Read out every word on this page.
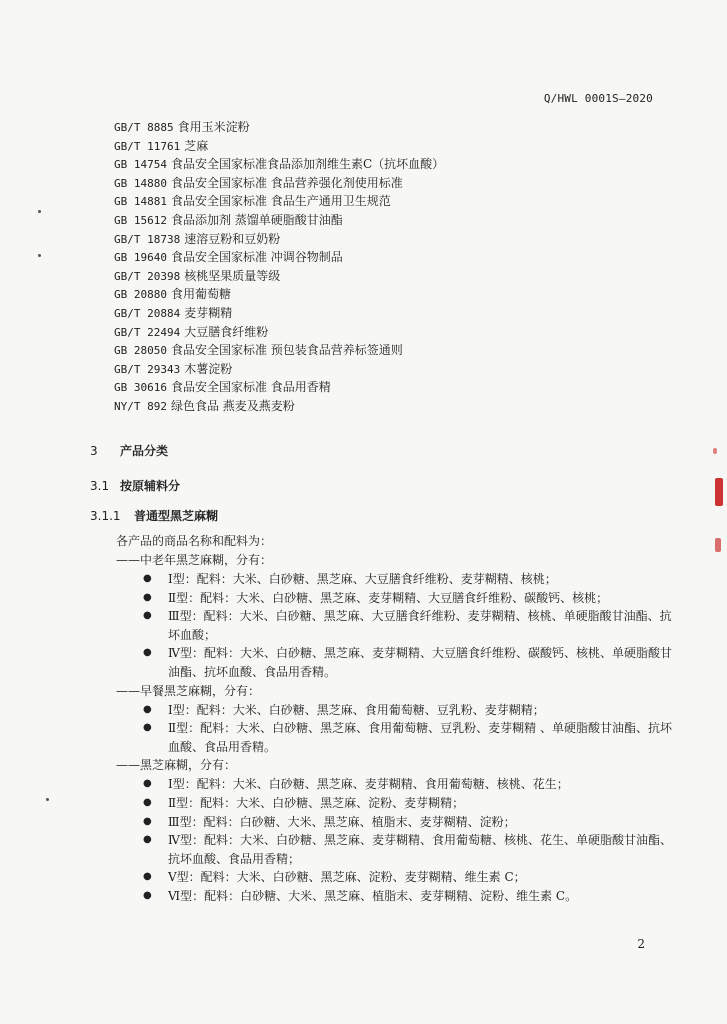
Q/HWL 0001S—2020
GB/T 8885 食用玉米淀粉
GB/T 11761 芝麻
GB 14754 食品安全国家标准食品添加剂维生素C（抗坏血酸）
GB 14880 食品安全国家标准 食品营养强化剂使用标准
GB 14881 食品安全国家标准 食品生产通用卫生规范
GB 15612 食品添加剂 蒸馏单硬脂酸甘油酯
GB/T 18738 速溶豆粉和豆奶粉
GB 19640 食品安全国家标准 冲调谷物制品
GB/T 20398 核桃坚果质量等级
GB 20880 食用葡萄糖
GB/T 20884 麦芽糊精
GB/T 22494 大豆膳食纤维粉
GB 28050 食品安全国家标准 预包装食品营养标签通则
GB/T 29343 木薯淀粉
GB 30616 食品安全国家标准 食品用香精
NY/T 892 绿色食品 燕麦及燕麦粉
3 产品分类
3.1 按原辅料分
3.1.1 普通型黑芝麻糊
各产品的商品名称和配料为：
——中老年黑芝麻糊，分有：
● Ⅰ型：配料：大米、白砂糖、黑芝麻、大豆膳食纤维粉、麦芽糊精、核桃；
● Ⅱ型：配料：大米、白砂糖、黑芝麻、麦芽糊精、大豆膳食纤维粉、碳酸钙、核桃；
● Ⅲ型：配料：大米、白砂糖、黑芝麻、大豆膳食纤维粉、麦芽糊精、核桃、单硬脂酸甘油酯、抗坏血酸；
● Ⅳ型：配料：大米、白砂糖、黑芝麻、麦芽糊精、大豆膳食纤维粉、碳酸钙、核桃、单硬脂酸甘油酯、抗坏血酸、食品用香精。
——早餐黑芝麻糊，分有：
● Ⅰ型：配料：大米、白砂糖、黑芝麻、食用葡萄糖、豆乳粉、麦芽糊精；
● Ⅱ型：配料：大米、白砂糖、黑芝麻、食用葡萄糖、豆乳粉、麦芽糊精 、单硬脂酸甘油酯、抗坏血酸、食品用香精。
——黑芝麻糊，分有：
● Ⅰ型：配料：大米、白砂糖、黑芝麻、麦芽糊精、食用葡萄糖、核桃、花生；
● Ⅱ型：配料：大米、白砂糖、黑芝麻、淀粉、麦芽糊精；
● Ⅲ型：配料：白砂糖、大米、黑芝麻、植脂末、麦芽糊精、淀粉；
● Ⅳ型：配料：大米、白砂糖、黑芝麻、麦芽糊精、食用葡萄糖、核桃、花生、单硬脂酸甘油酯、抗坏血酸、食品用香精；
● Ⅴ型：配料：大米、白砂糖、黑芝麻、淀粉、麦芽糊精、维生素 C；
● Ⅵ型：配料：白砂糖、大米、黑芝麻、植脂末、麦芽糊精、淀粉、维生素 C。
2
